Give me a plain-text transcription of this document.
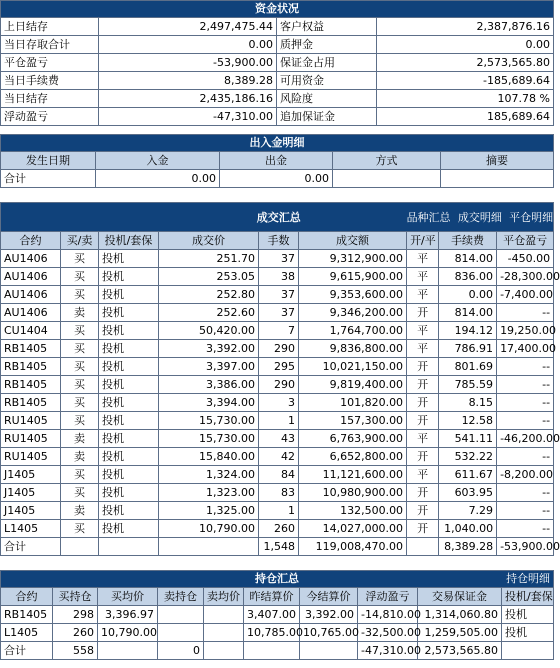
资金状况			
上日结存	2,497,475.44	客户权益	2,387,876.16
当日存取合计	0.00	质押金	0.00
平仓盈亏	-53,900.00	保证金占用	2,573,565.80
当日手续费	8,389.28	可用资金	-185,689.64
当日结存	2,435,186.16	风险度	107.78 %
浮动盈亏	-47,310.00	追加保证金	185,689.64
出入金明细				
发生日期	入金	出金	方式	摘要
合计	0.00	0.00		
成交汇总						品种汇总 成交明细 平仓明细		

合约	买/卖	投机/套保	成交价	手数	成交额	开/平	手续费	平仓盈亏
AU1406	买	投机	251.70	37	9,312,900.00	平	814.00	-450.00
AU1406	买	投机	253.05	38	9,615,900.00	平	836.00	-28,300.00
AU1406	买	投机	252.80	37	9,353,600.00	平	0.00	-7,400.00
AU1406	卖	投机	252.60	37	9,346,200.00	开	814.00	--
CU1404	买	投机	50,420.00	7	1,764,700.00	平	194.12	19,250.00
RB1405	买	投机	3,392.00	290	9,836,800.00	平	786.91	17,400.00
RB1405	买	投机	3,397.00	295	10,021,150.00	开	801.69	--
RB1405	买	投机	3,386.00	290	9,819,400.00	开	785.59	--
RB1405	买	投机	3,394.00	3	101,820.00	开	8.15	--
RU1405	买	投机	15,730.00	1	157,300.00	开	12.58	--
RU1405	卖	投机	15,730.00	43	6,763,900.00	平	541.11	-46,200.00
RU1405	卖	投机	15,840.00	42	6,652,800.00	开	532.22	--
J1405	买	投机	1,324.00	84	11,121,600.00	平	611.67	-8,200.00
J1405	买	投机	1,323.00	83	10,980,900.00	开	603.95	--
J1405	卖	投机	1,325.00	1	132,500.00	开	7.29	--
L1405	买	投机	10,790.00	260	14,027,000.00	开	1,040.00	--
合计				1,548	119,008,470.00		8,389.28	-53,900.00
持仓汇总 持仓明细									

合约	买持仓	买均价	卖持仓	卖均价	昨结算价	今结算价	浮动盈亏	交易保证金	投机/套保
RB1405	298	3,396.97			3,407.00	3,392.00	-14,810.00	1,314,060.80	投机
L1405	260	10,790.00			10,785.00	10,765.00	-32,500.00	1,259,505.00	投机
合计	558		0				-47,310.00	2,573,565.80	
